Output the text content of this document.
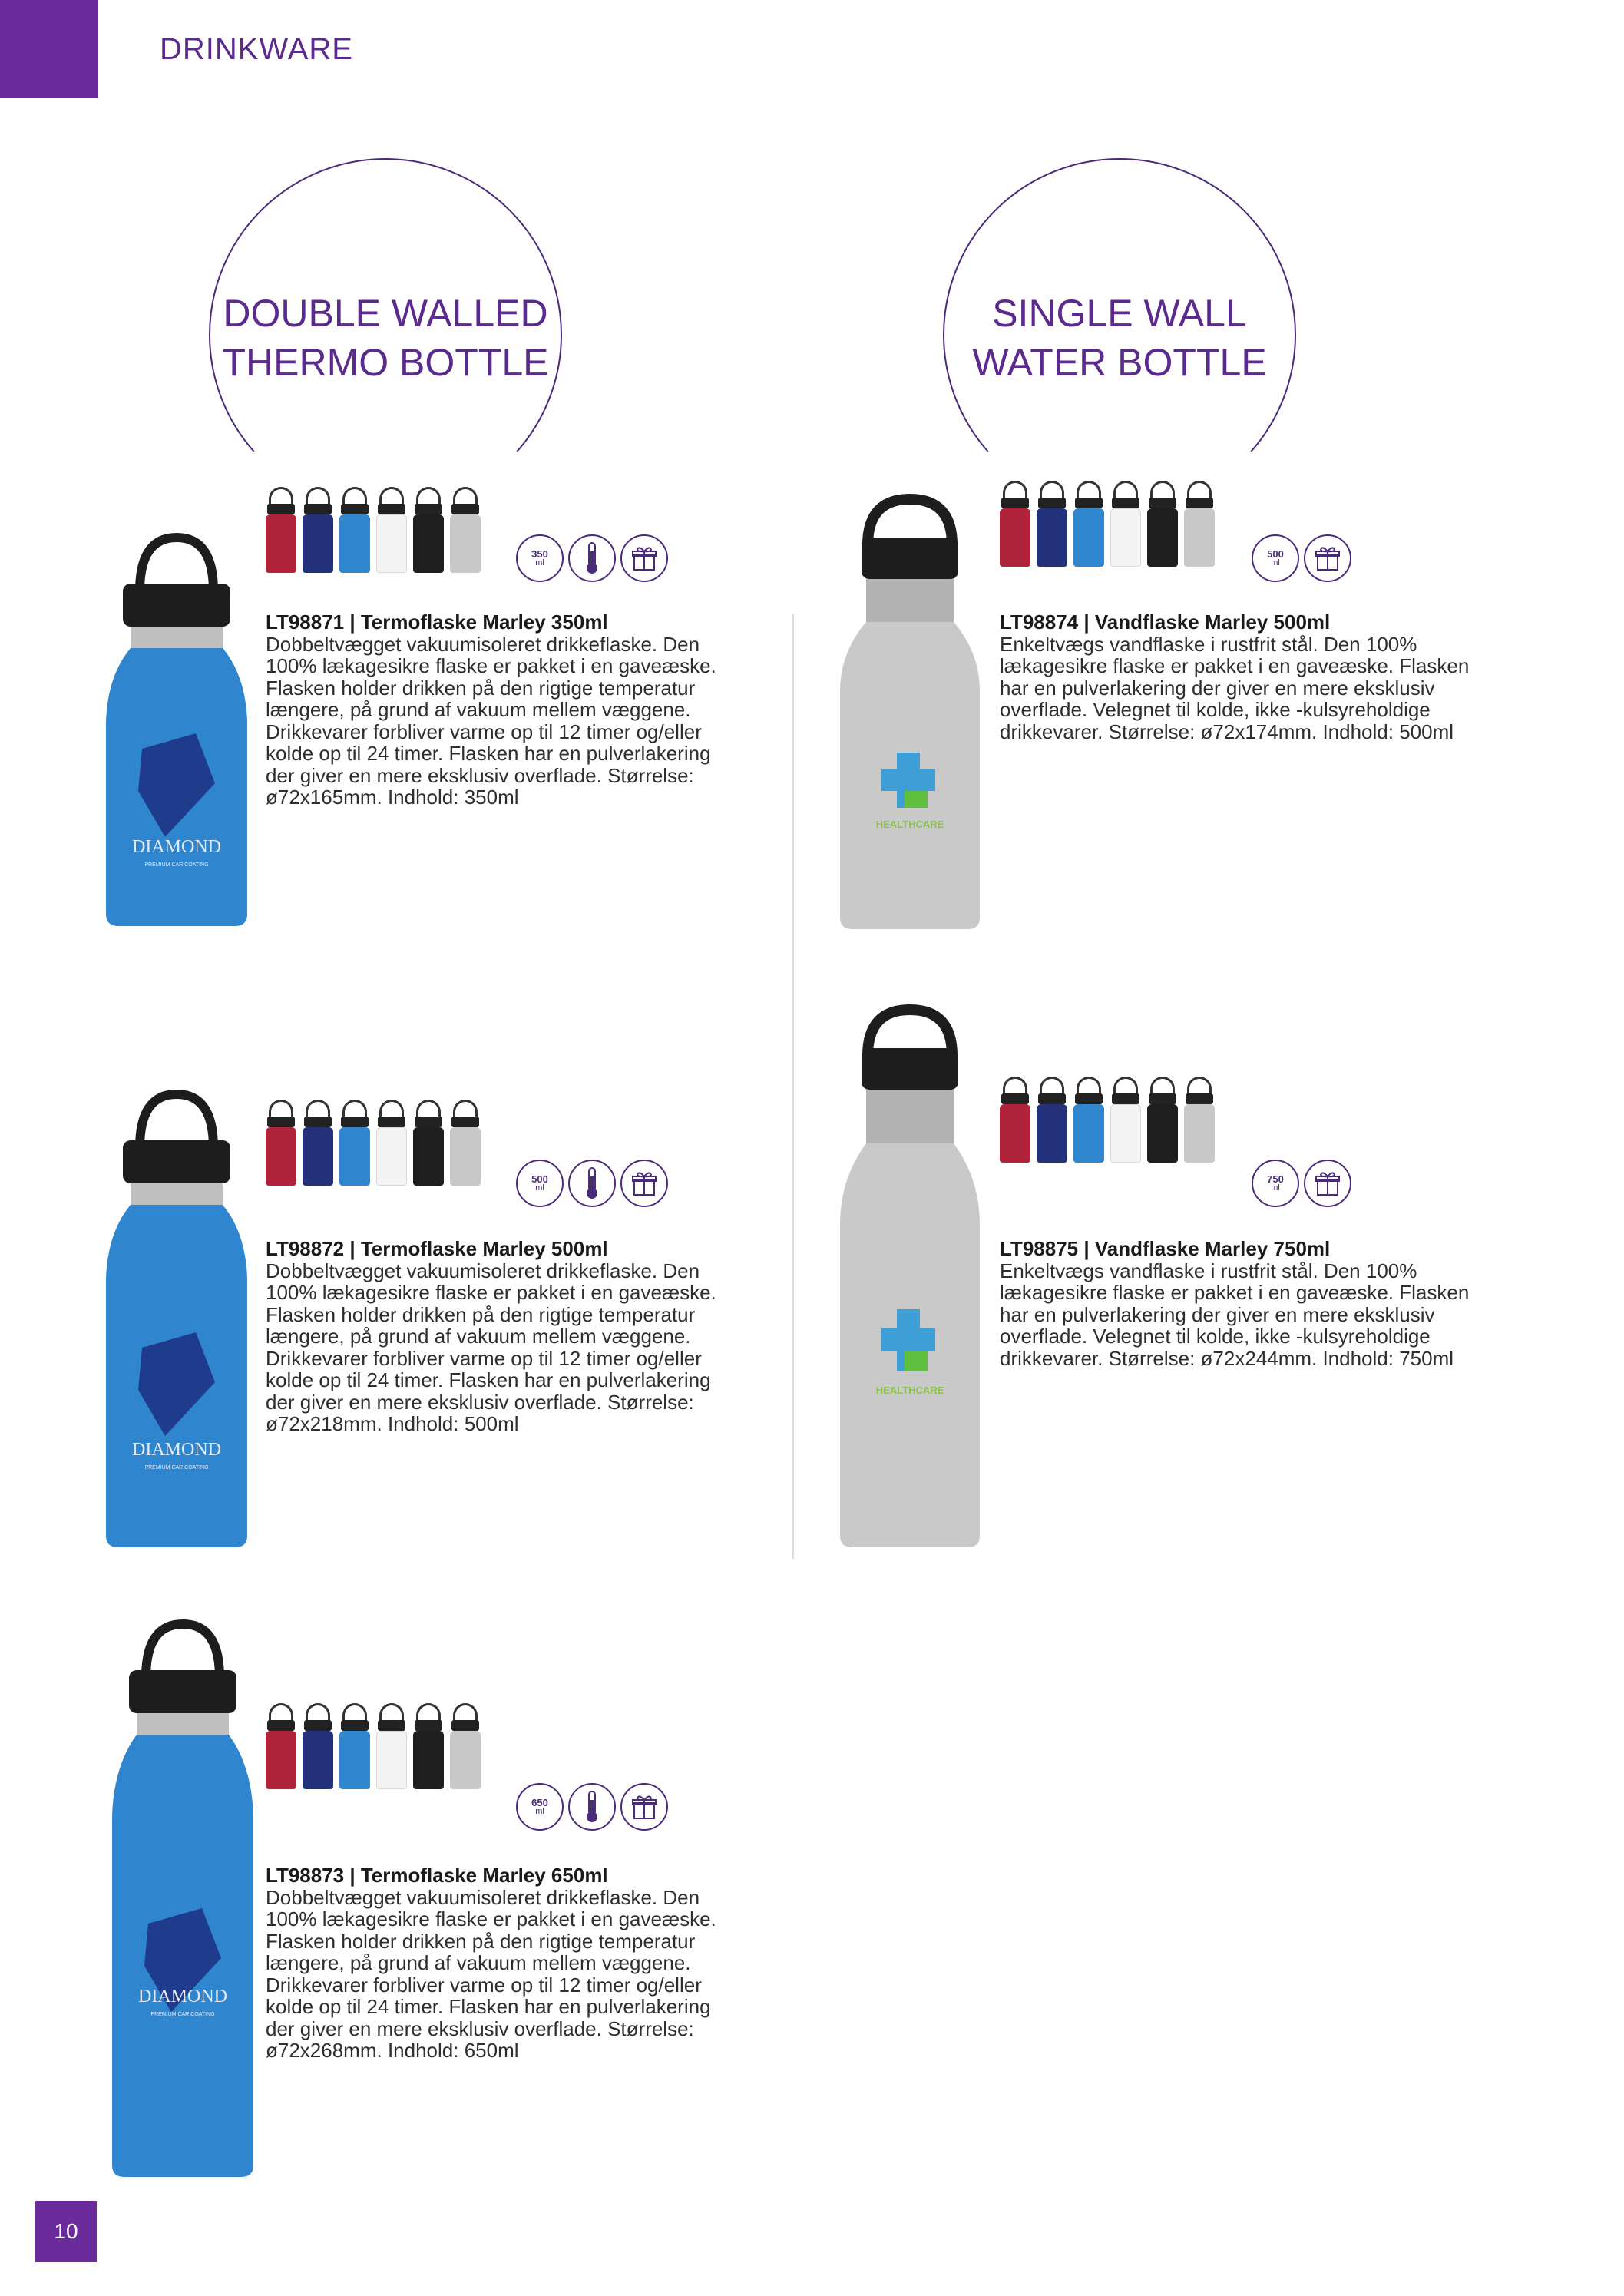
DRINKWARE
DOUBLE WALLED
THERMO BOTTLE
SINGLE WALL
WATER BOTTLE
DIAMOND
PREMIUM CAR COATING
350
ml
LT98871 | Termoflaske Marley 350ml
Dobbeltvægget vakuumisoleret drikkeflaske. Den 100% lækagesikre flaske er pakket i en gaveæske. Flasken holder drikken på den rigtige temperatur længere, på grund af vakuum mellem væggene. Drikkevarer forbliver varme op til 12 timer og/eller kolde op til 24 timer. Flasken har en pulverlakering der giver en mere eksklusiv overflade. Størrelse: ø72x165mm. Indhold: 350ml
HEALTHCARE
500
ml
LT98874 | Vandflaske Marley 500ml
Enkeltvægs vandflaske i rustfrit stål. Den 100% lækagesikre flaske er pakket i en gaveæske. Flasken har en pulverlakering der giver en mere eksklusiv overflade. Velegnet til kolde, ikke -kulsyreholdige drikkevarer. Størrelse: ø72x174mm. Indhold: 500ml
DIAMOND
PREMIUM CAR COATING
500
ml
LT98872 | Termoflaske Marley 500ml
Dobbeltvægget vakuumisoleret drikkeflaske. Den 100% lækagesikre flaske er pakket i en gaveæske. Flasken holder drikken på den rigtige temperatur længere, på grund af vakuum mellem væggene. Drikkevarer forbliver varme op til 12 timer og/eller kolde op til 24 timer. Flasken har en pulverlakering der giver en mere eksklusiv overflade. Størrelse: ø72x218mm. Indhold: 500ml
HEALTHCARE
750
ml
LT98875 | Vandflaske Marley 750ml
Enkeltvægs vandflaske i rustfrit stål. Den 100% lækagesikre flaske er pakket i en gaveæske. Flasken har en pulverlakering der giver en mere eksklusiv overflade. Velegnet til kolde, ikke -kulsyreholdige drikkevarer. Størrelse: ø72x244mm. Indhold: 750ml
DIAMOND
PREMIUM CAR COATING
650
ml
LT98873 | Termoflaske Marley 650ml
Dobbeltvægget vakuumisoleret drikkeflaske. Den 100% lækagesikre flaske er pakket i en gaveæske. Flasken holder drikken på den rigtige temperatur længere, på grund af vakuum mellem væggene. Drikkevarer forbliver varme op til 12 timer og/eller kolde op til 24 timer. Flasken har en pulverlakering der giver en mere eksklusiv overflade. Størrelse: ø72x268mm. Indhold: 650ml
10
